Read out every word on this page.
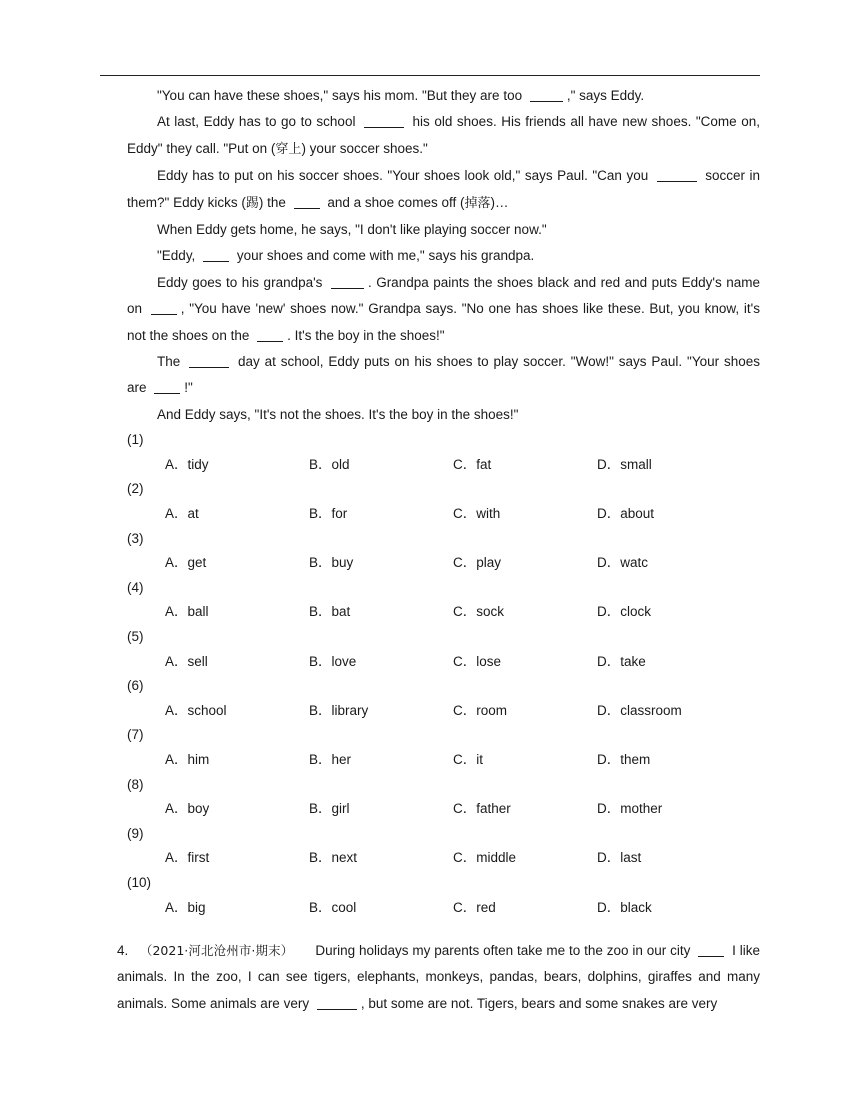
"You can have these shoes," says his mom. "But they are too	," says Eddy.

At last, Eddy has to go to school	his old shoes. His friends all have new shoes. "Come on, Eddy" they call. "Put on (穿上) your soccer shoes."

Eddy has to put on his soccer shoes. "Your shoes look old," says Paul. "Can you	soccer in them?" Eddy kicks (踢) the	and a shoe comes off (掉落)…

When Eddy gets home, he says, "I don't like playing soccer now."

"Eddy,	your shoes and come with me," says his grandpa.

Eddy goes to his grandpa's	. Grandpa paints the shoes black and red and puts Eddy's name on	, "You have 'new' shoes now." Grandpa says. "No one has shoes like these. But, you know, it's not the shoes on the	. It's the boy in the shoes!"

The	day at school, Eddy puts on his shoes to play soccer. "Wow!" says Paul. "Your shoes are	!"

And Eddy says, "It's not the shoes. It's the boy in the shoes!"

(1)
A．tidy	B．old	C．fat	D．small
(2)
A．at	B．for	C．with	D．about
(3)
A．get	B．buy	C．play	D．watc
(4)
A．ball	B．bat	C．sock	D．clock
(5)
A．sell	B．love	C．lose	D．take
(6)
A．school	B．library	C．room	D．classroom
(7)
A．him	B．her	C．it	D．them
(8)
A．boy	B．girl	C．father	D．mother
(9)
A．first	B．next	C．middle	D．last
(10)
A．big	B．cool	C．red	D．black

4. （2021·河北沧州市·期末） During holidays my parents often take me to the zoo in our city	I like animals. In the zoo, I can see tigers, elephants, monkeys, pandas, bears, dolphins, giraffes and many animals. Some animals are very	, but some are not. Tigers, bears and some snakes are very
